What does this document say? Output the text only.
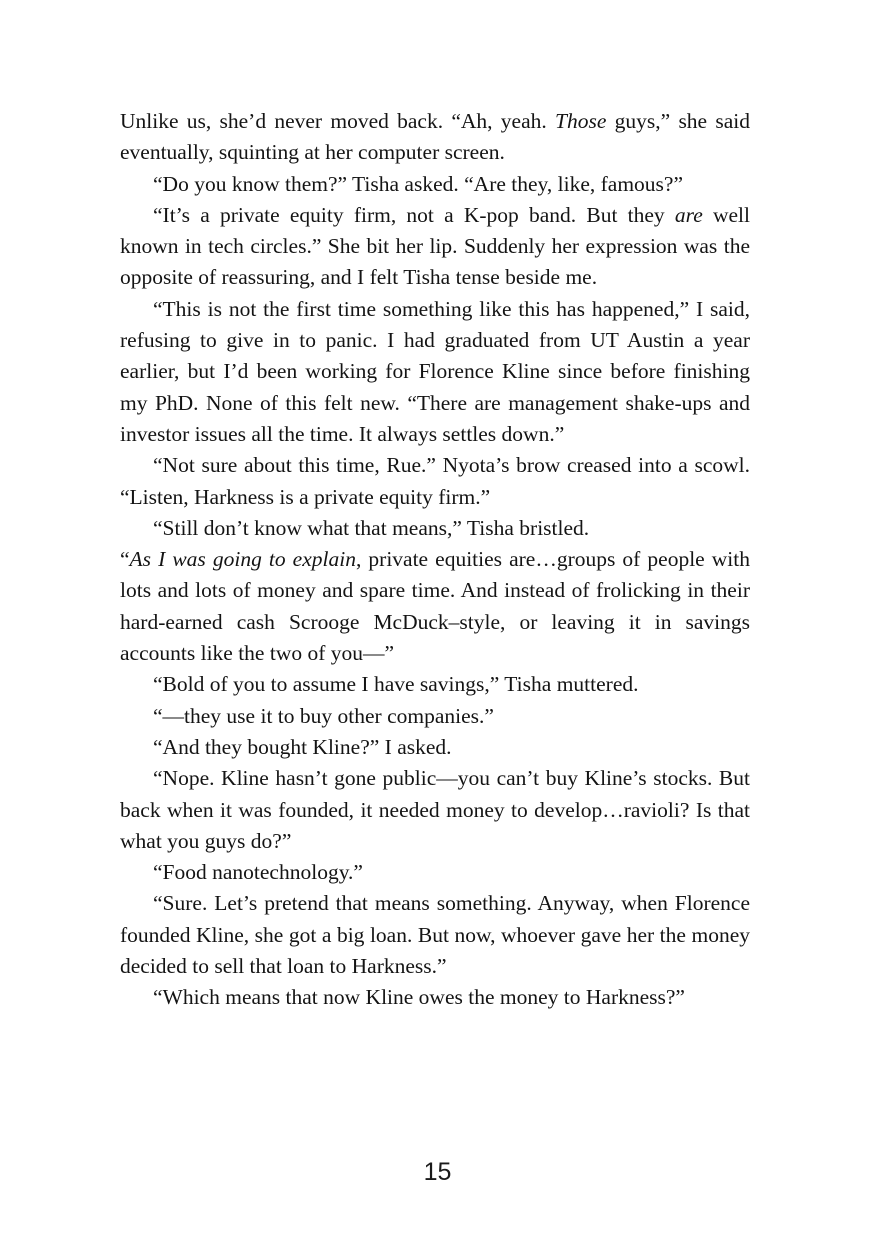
Unlike us, she’d never moved back. “Ah, yeah. Those guys,” she said eventually, squinting at her computer screen.

“Do you know them?” Tisha asked. “Are they, like, famous?”

“It’s a private equity firm, not a K-pop band. But they are well known in tech circles.” She bit her lip. Suddenly her expression was the opposite of reassuring, and I felt Tisha tense beside me.

“This is not the first time something like this has happened,” I said, refusing to give in to panic. I had graduated from UT Austin a year earlier, but I’d been working for Florence Kline since before finishing my PhD. None of this felt new. “There are management shake-ups and investor issues all the time. It always settles down.”

“Not sure about this time, Rue.” Nyota’s brow creased into a scowl. “Listen, Harkness is a private equity firm.”

“Still don’t know what that means,” Tisha bristled.

“As I was going to explain, private equities are…groups of people with lots and lots of money and spare time. And instead of frolicking in their hard-earned cash Scrooge McDuck–style, or leaving it in savings accounts like the two of you—”

“Bold of you to assume I have savings,” Tisha muttered.

“—they use it to buy other companies.”

“And they bought Kline?” I asked.

“Nope. Kline hasn’t gone public—you can’t buy Kline’s stocks. But back when it was founded, it needed money to develop…ravioli? Is that what you guys do?”

“Food nanotechnology.”

“Sure. Let’s pretend that means something. Anyway, when Florence founded Kline, she got a big loan. But now, whoever gave her the money decided to sell that loan to Harkness.”

“Which means that now Kline owes the money to Harkness?”

15
